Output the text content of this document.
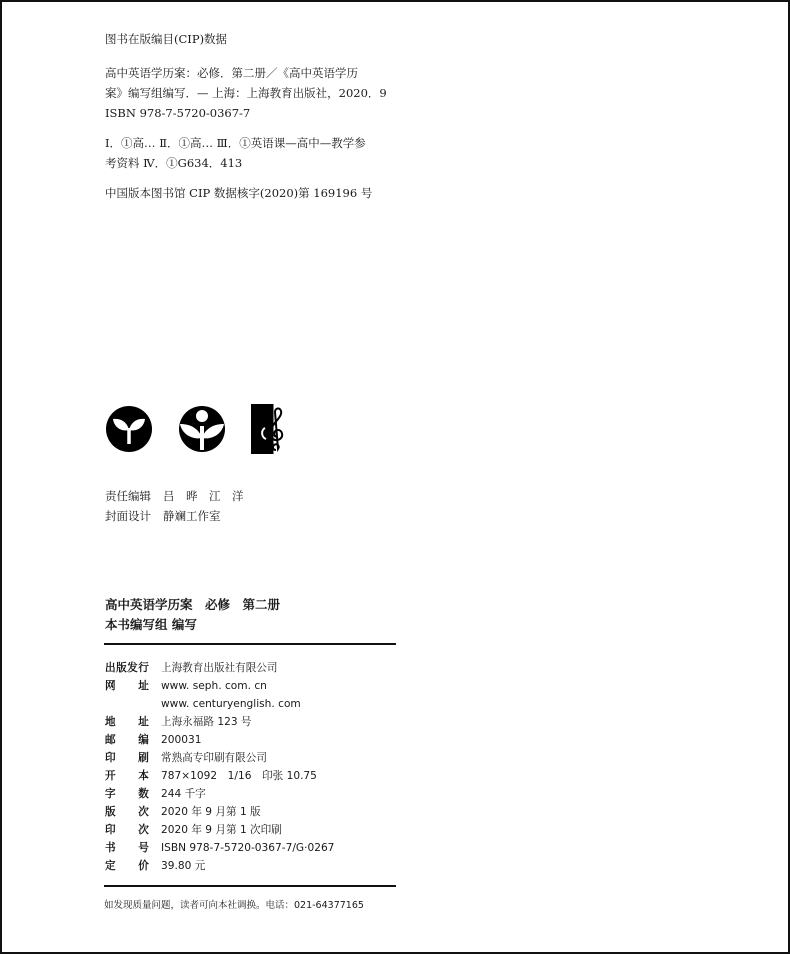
图书在版编目(CIP)数据

高中英语学历案：必修．第二册／《高中英语学历

案》编写组编写．— 上海：上海教育出版社，2020．9

ISBN 978-7-5720-0367-7

Ⅰ．①高… Ⅱ．①高… Ⅲ．①英语课—高中—教学参

考资料 Ⅳ．①G634．413

中国版本图书馆 CIP 数据核字(2020)第 169196 号

责任编辑 吕　晔　江　洋
封面设计 静斓工作室
高中英语学历案　必修　第二册
本书编写组 编写
出版发行 上海教育出版社有限公司
网　　址 www. seph. com. cn
www. centuryenglish. com
地　　址 上海永福路 123 号
邮　　编 200031
印　　刷 常熟高专印刷有限公司
开　　本 787×1092　1/16　印张 10.75
字　　数 244 千字
版　　次 2020 年 9 月第 1 版
印　　次 2020 年 9 月第 1 次印刷
书　　号 ISBN 978-7-5720-0367-7/G·0267
定　　价 39.80 元
如发现质量问题，读者可向本社调换。电话：021-64377165
